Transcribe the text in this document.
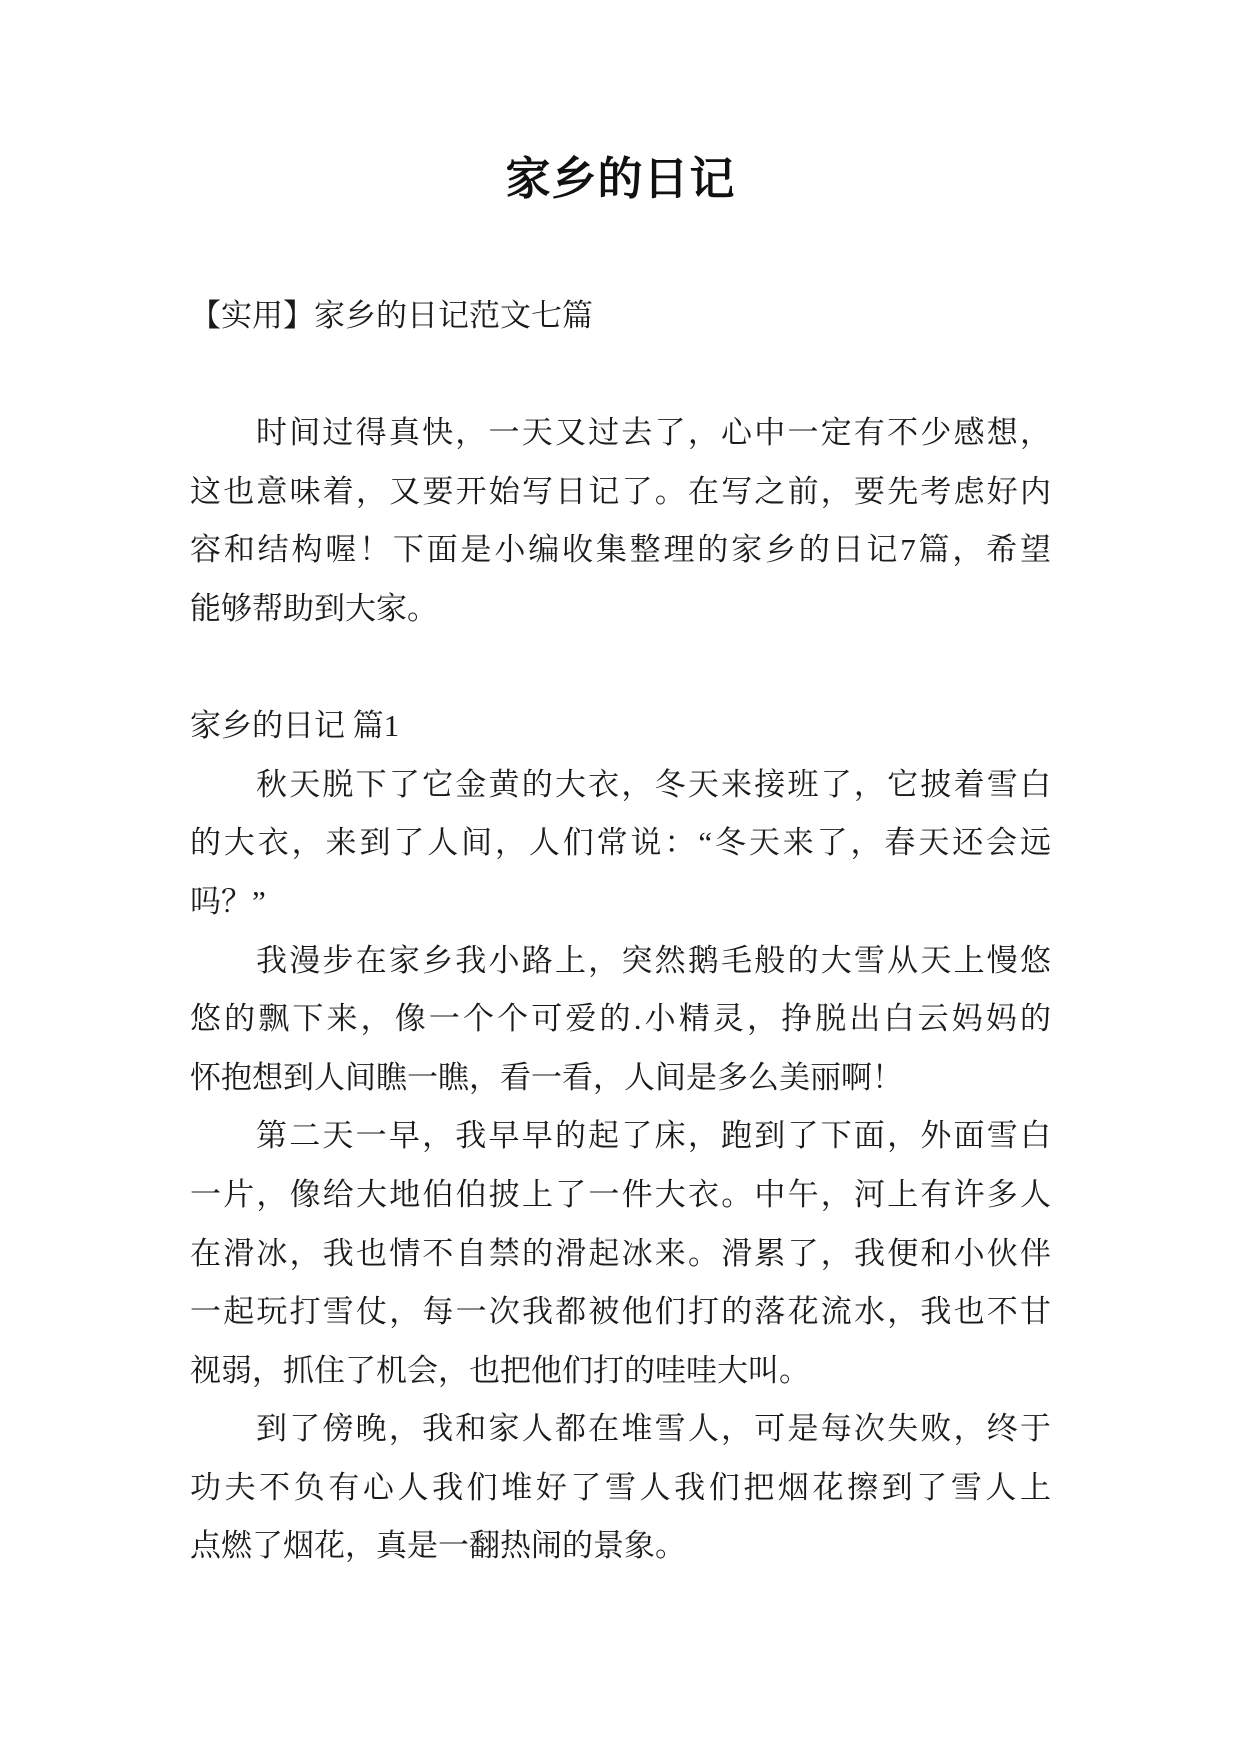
家乡的日记
【实用】家乡的日记范文七篇
时间过得真快，一天又过去了，心中一定有不少感想，
这也意味着，又要开始写日记了。在写之前，要先考虑好内
容和结构喔！下面是小编收集整理的家乡的日记7篇，希望
能够帮助到大家。
家乡的日记 篇1
秋天脱下了它金黄的大衣，冬天来接班了，它披着雪白
的大衣，来到了人间，人们常说：“冬天来了，春天还会远
吗？”
我漫步在家乡我小路上，突然鹅毛般的大雪从天上慢悠
悠的飘下来，像一个个可爱的.小精灵，挣脱出白云妈妈的
怀抱想到人间瞧一瞧，看一看，人间是多么美丽啊！
第二天一早，我早早的起了床，跑到了下面，外面雪白
一片，像给大地伯伯披上了一件大衣。中午，河上有许多人
在滑冰，我也情不自禁的滑起冰来。滑累了，我便和小伙伴
一起玩打雪仗，每一次我都被他们打的落花流水，我也不甘
视弱，抓住了机会，也把他们打的哇哇大叫。
到了傍晚，我和家人都在堆雪人，可是每次失败，终于
功夫不负有心人我们堆好了雪人我们把烟花擦到了雪人上
点燃了烟花，真是一翻热闹的景象。
